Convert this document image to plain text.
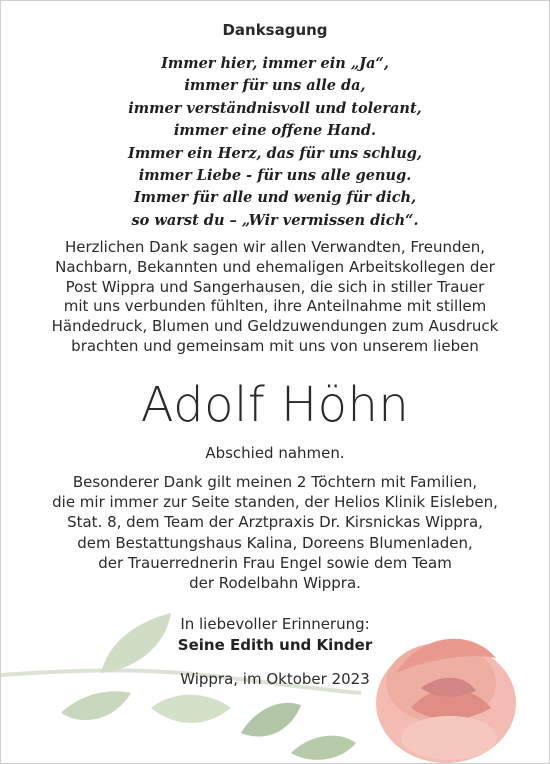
Danksagung
Immer hier, immer ein „Ja“,
immer für uns alle da,
immer verständnisvoll und tolerant,
immer eine offene Hand.
Immer ein Herz, das für uns schlug,
immer Liebe - für uns alle genug.
Immer für alle und wenig für dich,
so warst du – „Wir vermissen dich“.
Herzlichen Dank sagen wir allen Verwandten, Freunden,
Nachbarn, Bekannten und ehemaligen Arbeitskollegen der
Post Wippra und Sangerhausen, die sich in stiller Trauer
mit uns verbunden fühlten, ihre Anteilnahme mit stillem
Händedruck, Blumen und Geldzuwendungen zum Ausdruck
brachten und gemeinsam mit uns von unserem lieben
Adolf Höhn
Abschied nahmen.
Besonderer Dank gilt meinen 2 Töchtern mit Familien,
die mir immer zur Seite standen, der Helios Klinik Eisleben,
Stat. 8, dem Team der Arztpraxis Dr. Kirsnickas Wippra,
dem Bestattungshaus Kalina, Doreens Blumenladen,
der Trauerrednerin Frau Engel sowie dem Team
der Rodelbahn Wippra.
In liebevoller Erinnerung:
Seine Edith und Kinder
Wippra, im Oktober 2023
